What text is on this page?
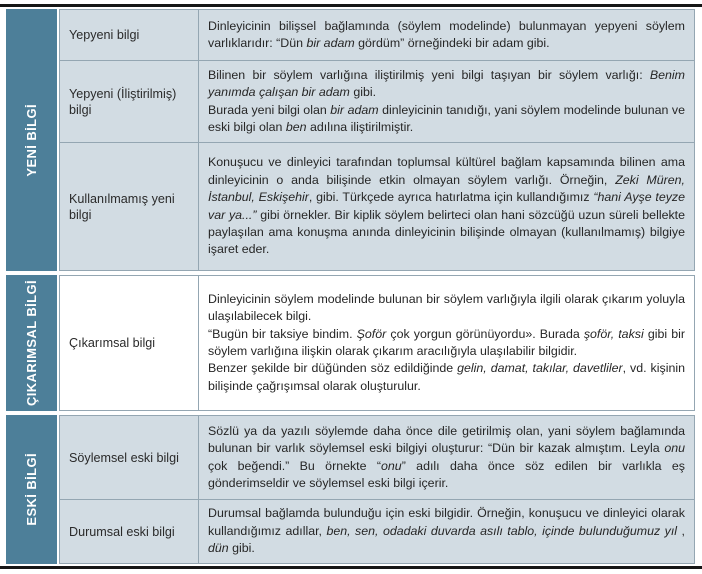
YENİ BİLGİ
Yepyeni bilgi
Dinleyicinin bilişsel bağlamında (söylem modelinde) bulunmayan yepyeni söylem varlıklarıdır: “Dün bir adam gördüm” örneğindeki bir adam gibi.
Yepyeni (İliştirilmiş) bilgi
Bilinen bir söylem varlığına iliştirilmiş yeni bilgi taşıyan bir söylem varlığı: Benim yanımda çalışan bir adam gibi.
Burada yeni bilgi olan bir adam dinleyicinin tanıdığı, yani söylem modelinde bulunan ve eski bilgi olan ben adılına iliştirilmiştir.
Kullanılmamış yeni bilgi
Konuşucu ve dinleyici tarafından toplumsal kültürel bağlam kapsamında bilinen ama dinleyicinin o anda bilişinde etkin olmayan söylem varlığı. Örneğin, Zeki Müren, İstanbul, Eskişehir, gibi. Türkçede ayrıca hatırlatma için kullandığımız “hani Ayşe teyze var ya...” gibi örnekler. Bir kiplik söylem belirteci olan hani sözcüğü uzun süreli bellekte paylaşılan ama konuşma anında dinleyicinin bilişinde olmayan (kullanılmamış) bilgiye işaret eder.
ÇIKARIMSAL BİLGİ Çıkarımsal bilgi
Dinleyicinin söylem modelinde bulunan bir söylem varlığıyla ilgili olarak çıkarım yoluyla ulaşılabilecek bilgi.
“Bugün bir taksiye bindim. Şoför çok yorgun görünüyordu». Burada şoför, taksi gibi bir söylem varlığına ilişkin olarak çıkarım aracılığıyla ulaşılabilir bilgidir.
Benzer şekilde bir düğünden söz edildiğinde gelin, damat, takılar, davetliler, vd. kişinin bilişinde çağrışımsal olarak oluşturulur.
ESKİ BİLGİ Söylemsel eski bilgi
Sözlü ya da yazılı söylemde daha önce dile getirilmiş olan, yani söylem bağlamında bulunan bir varlık söylemsel eski bilgiyi oluşturur: “Dün bir kazak almıştım. Leyla onu çok beğendi.” Bu örnekte “onu” adılı daha önce söz edilen bir varlıkla eş gönderimseldir ve söylemsel eski bilgi içerir.
Durumsal eski bilgi
Durumsal bağlamda bulunduğu için eski bilgidir. Örneğin, konuşucu ve dinleyici olarak kullandığımız adıllar, ben, sen, odadaki duvarda asılı tablo, içinde bulunduğumuz yıl , dün gibi.
